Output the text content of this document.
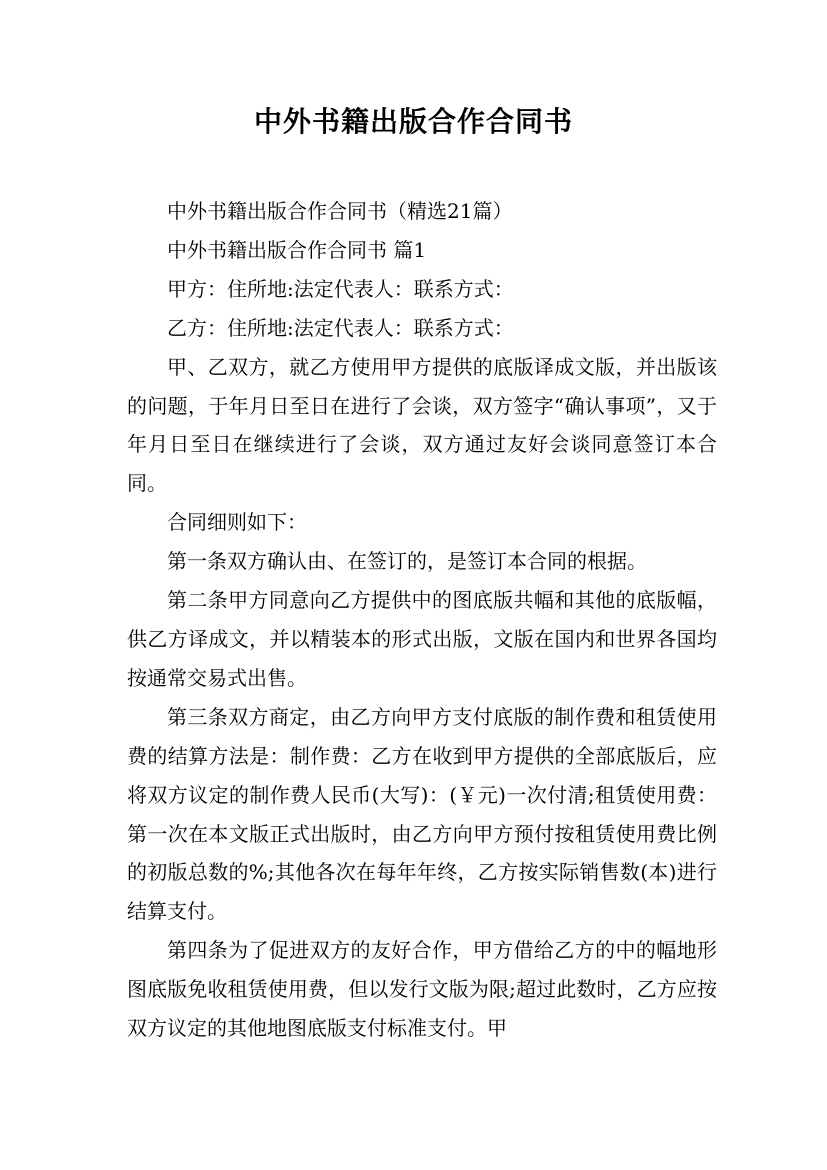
中外书籍出版合作合同书

中外书籍出版合作合同书（精选21篇）

中外书籍出版合作合同书 篇1

甲方：住所地:法定代表人：联系方式：

乙方：住所地:法定代表人：联系方式：

甲、乙双方，就乙方使用甲方提供的底版译成文版，并出版该的问题，于年月日至日在进行了会谈，双方签字“确认事项”，又于年月日至日在继续进行了会谈，双方通过友好会谈同意签订本合同。

合同细则如下：

第一条双方确认由、在签订的，是签订本合同的根据。

第二条甲方同意向乙方提供中的图底版共幅和其他的底版幅，供乙方译成文，并以精装本的形式出版，文版在国内和世界各国均按通常交易式出售。

第三条双方商定，由乙方向甲方支付底版的制作费和租赁使用费的结算方法是：制作费：乙方在收到甲方提供的全部底版后，应将双方议定的制作费人民币(大写)：(￥元)一次付清;租赁使用费：第一次在本文版正式出版时，由乙方向甲方预付按租赁使用费比例的初版总数的%;其他各次在每年年终，乙方按实际销售数(本)进行结算支付。

第四条为了促进双方的友好合作，甲方借给乙方的中的幅地形图底版免收租赁使用费，但以发行文版为限;超过此数时，乙方应按双方议定的其他地图底版支付标准支付。甲
